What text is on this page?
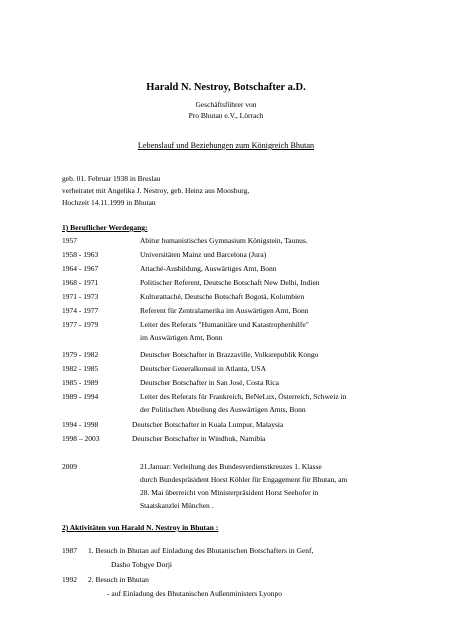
Harald N. Nestroy, Botschafter a.D.
Geschäftsführer von
Pro Bhutan e.V., Lörrach
Lebenslauf und Beziehungen zum Königreich Bhutan
geb. 01. Februar 1938 in Breslau
verheiratet mit Angelika J. Nestroy, geb. Heinz aus Moosburg,
Hochzeit 14.11.1999 in Bhutan
1) Beruflicher Werdegang:
1957	Abitur humanistisches Gymnasium Königstein, Taunus.
1958 - 1963	Universitäten Mainz und Barcelona (Jura)
1964 - 1967	Attaché-Ausbildung, Auswärtiges Amt, Bonn
1968 - 1971	Politischer Referent, Deutsche Botschaft New Delhi, Indien
1971 - 1973	Kulturattaché, Deutsche Botschaft Bogotá, Kolumbien
1974 - 1977	Referent für Zentralamerika im Auswärtigen Amt, Bonn
1977 - 1979	Leiter des Referats "Humanitäre und Katastrophenhilfe"
im Auswärtigen Amt, Bonn
1979 - 1982	Deutscher Botschafter in Brazzaville, Volksrepublik Kongo
1982 - 1985	Deutscher Generalkonsul in Atlanta, USA
1985 - 1989	Deutscher Botschafter in San José, Costa Rica
1989 - 1994	Leiter des Referats für Frankreich, BeNeLux, Österreich, Schweiz in
der Politischen Abteilung des Auswärtigen Amts, Bonn
1994 - 1998	Deutscher Botschafter in Kuala Lumpur, Malaysia
1998 – 2003	Deutscher Botschafter in Windhuk, Namibia
2009	21.Januar: Verleihung des Bundesverdienstkreuzes 1. Klasse
durch Bundespräsident Horst Köhler für Engagement für Bhutan, am
28. Mai überreicht von Ministerpräsident Horst Seehofer in
Staatskanzlei München .
2) Aktivitäten von Harald N. Nestroy in Bhutan :
1987 1. Besuch in Bhutan auf Einladung des Bhutanischen Botschafters in Genf,
Dasho Tobgye Dorji
1992 2. Besuch in Bhutan
- auf Einladung des Bhutanischen Außenministers Lyonpo
